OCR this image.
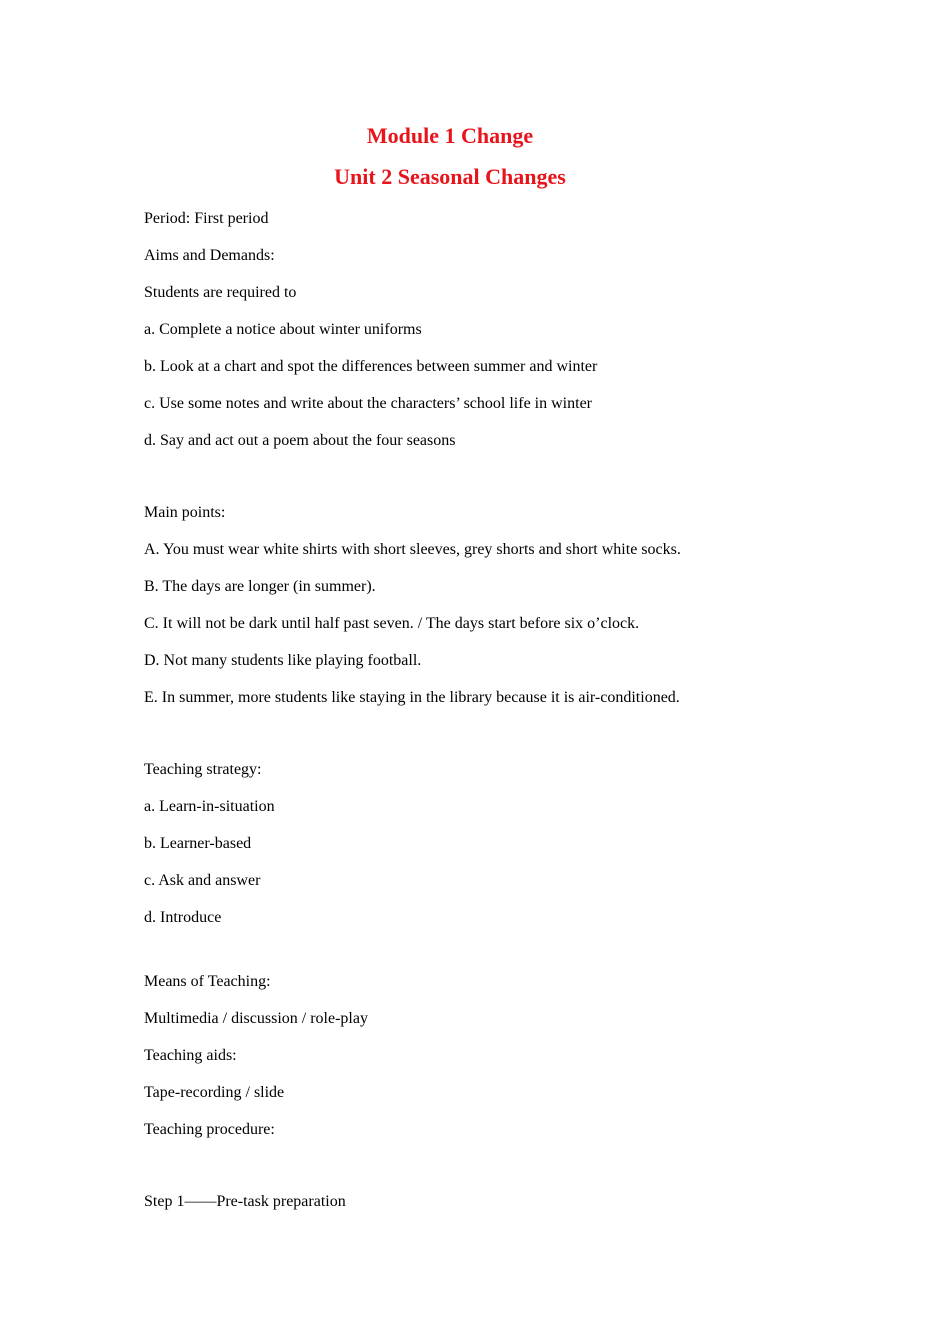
Module 1 Change
Unit 2 Seasonal Changes

Period: First period

Aims and Demands:

Students are required to

a. Complete a notice about winter uniforms

b. Look at a chart and spot the differences between summer and winter

c. Use some notes and write about the characters’ school life in winter

d. Say and act out a poem about the four seasons

Main points:

A. You must wear white shirts with short sleeves, grey shorts and short white socks.

B. The days are longer (in summer).

C. It will not be dark until half past seven. / The days start before six o’clock.

D. Not many students like playing football.

E. In summer, more students like staying in the library because it is air-conditioned.

Teaching strategy:

a. Learn-in-situation

b. Learner-based

c. Ask and answer

d. Introduce

Means of Teaching:

Multimedia / discussion / role-play

Teaching aids:

Tape-recording / slide

Teaching procedure:

Step 1——Pre-task preparation
